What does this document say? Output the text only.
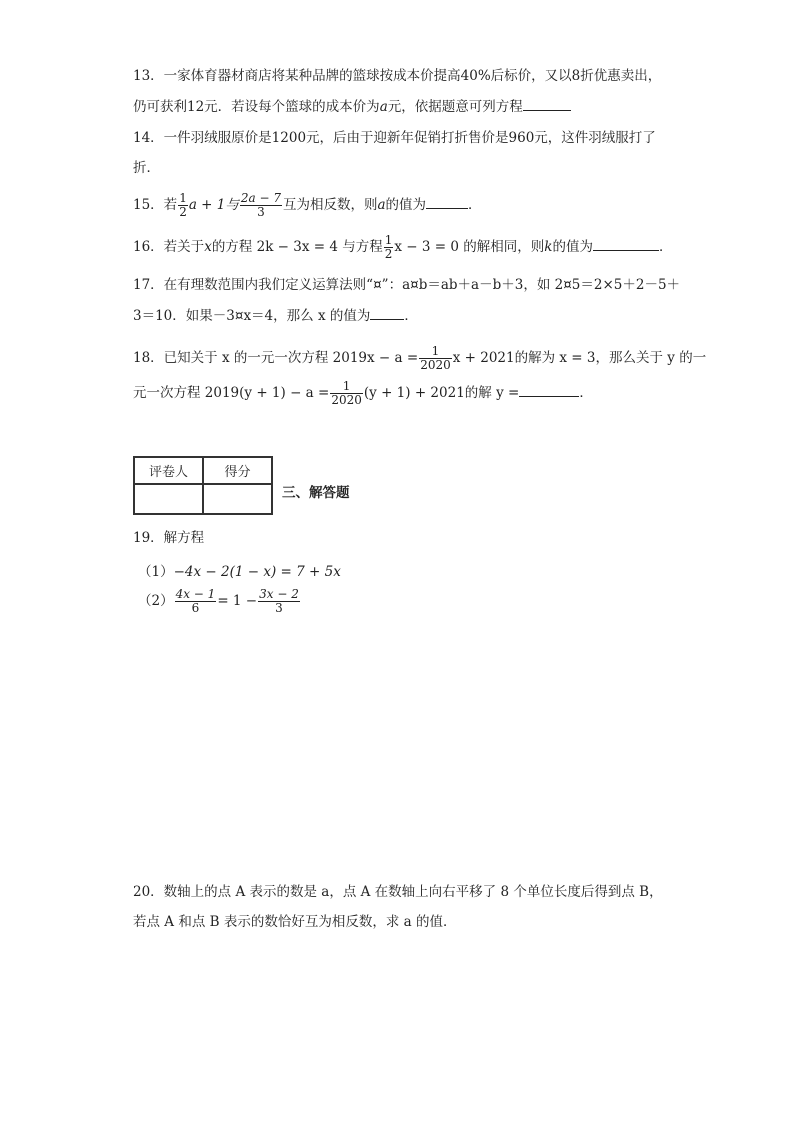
13．一家体育器材商店将某种品牌的篮球按成本价提高40%后标价，又以8折优惠卖出，
仍可获利12元．若设每个篮球的成本价为a元，依据题意可列方程
14．一件羽绒服原价是1200元，后由于迎新年促销打折售价是960元，这件羽绒服打了
折．
15．若 $\frac{1}{2}$ a + 1与 $\frac{2a - 7}{3}$ 互为相反数，则a的值为	．
16．若关于x的方程 2k − 3x = 4 与方程 $\frac{1}{2}$ x − 3 = 0 的解相同，则k的值为	．
17．在有理数范围内我们定义运算法则“¤”：a¤b＝ab＋a－b＋3，如 2¤5＝2×5＋2－5＋
3＝10．如果－3¤x＝4，那么 x 的值为	．
18．已知关于 x 的一元一次方程 $2019x - a = \frac{1}{2020}$ x + 2021的解为 x = 3，那么关于 y 的一
元一次方程 $2019(y + 1) - a = \frac{1}{2020} (y + 1) + 2021$的解 y =	．
评卷人	得分

三、解答题
19．解方程
（1）−4x − 2(1 − x) = 7 + 5x
$(2) \frac{4x - 1}{6} = 1 - \frac{3x - 2}{3}$
20．数轴上的点 A 表示的数是 a，点 A 在数轴上向右平移了 8 个单位长度后得到点 B，
若点 A 和点 B 表示的数恰好互为相反数，求 a 的值．
